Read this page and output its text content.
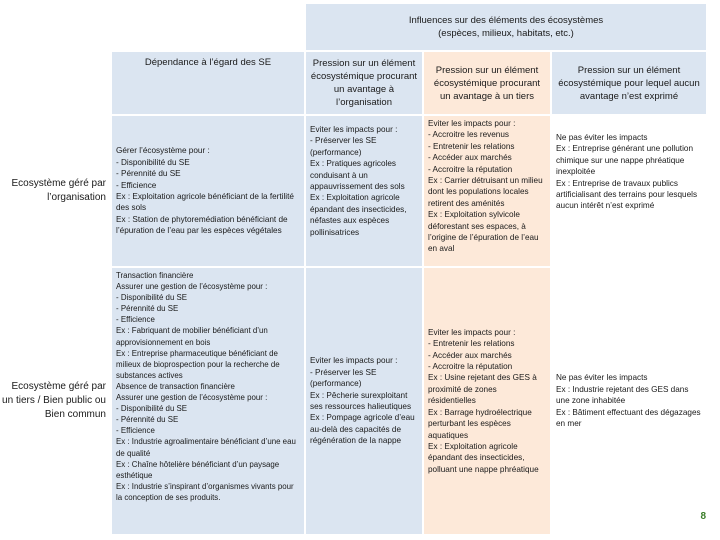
Influences sur des éléments des écosystèmes
(espèces, milieux, habitats, etc.)
Dépendance à l’égard des SE	Pression sur un élément écosystémique procurant un avantage à l’organisation
Pression sur un élément écosystémique procurant un avantage à un tiers
Pression sur un élément écosystémique pour lequel aucun avantage n’est exprimé
Ecosystème géré par l’organisation
Gérer l’écosystème pour :
- Disponibilité du SE
- Pérennité du SE
- Efficience
Ex : Exploitation agricole bénéficiant de la fertilité des sols
Ex : Station de phytoremédiation bénéficiant de l’épuration de l’eau par les espèces végétales
Eviter les impacts pour :
- Préserver les SE (performance)
Ex : Pratiques agricoles conduisant à un appauvrissement des sols
Ex : Exploitation agricole épandant des insecticides, néfastes aux espèces pollinisatrices
Eviter les impacts pour :
- Accroitre les revenus
- Entretenir les relations
- Accéder aux marchés
- Accroitre la réputation
Ex : Carrier détruisant un milieu dont les populations locales retirent des aménités
Ex : Exploitation sylvicole déforestant ses espaces, à l’origine de l’épuration de l’eau en aval
Ne pas éviter les impacts
Ex : Entreprise générant une pollution chimique sur une nappe phréatique inexploitée
Ex : Entreprise de travaux publics artificialisant des terrains pour lesquels aucun intérêt n’est exprimé
Ecosystème géré par un tiers / Bien public ou Bien commun
Transaction financière
Assurer une gestion de l’écosystème pour :
- Disponibilité du SE
- Pérennité du SE
- Efficience
Ex : Fabriquant de mobilier bénéficiant d’un approvisionnement en bois
Ex : Entreprise pharmaceutique bénéficiant de milieux de bioprospection pour la recherche de substances actives
Absence de transaction financière
Assurer une gestion de l’écosystème pour :
- Disponibilité du SE
- Pérennité du SE
- Efficience
Ex : Industrie agroalimentaire bénéficiant d’une eau de qualité
Ex : Chaîne hôtelière bénéficiant d’un paysage esthétique
Ex : Industrie s’inspirant d’organismes vivants pour la conception de ses produits.
Eviter les impacts pour :
- Préserver les SE (performance)
Ex : Pêcherie surexploitant ses ressources halieutiques
Ex : Pompage agricole d’eau au-delà des capacités de régénération de la nappe
Eviter les impacts pour :
- Entretenir les relations
- Accéder aux marchés
- Accroitre la réputation
Ex : Usine rejetant des GES à proximité de zones résidentielles
Ex : Barrage hydroélectrique perturbant les espèces aquatiques
Ex : Exploitation agricole épandant des insecticides, polluant une nappe phréatique
Ne pas éviter les impacts
Ex : Industrie rejetant des GES dans une zone inhabitée
Ex : Bâtiment effectuant des dégazages en mer
8
